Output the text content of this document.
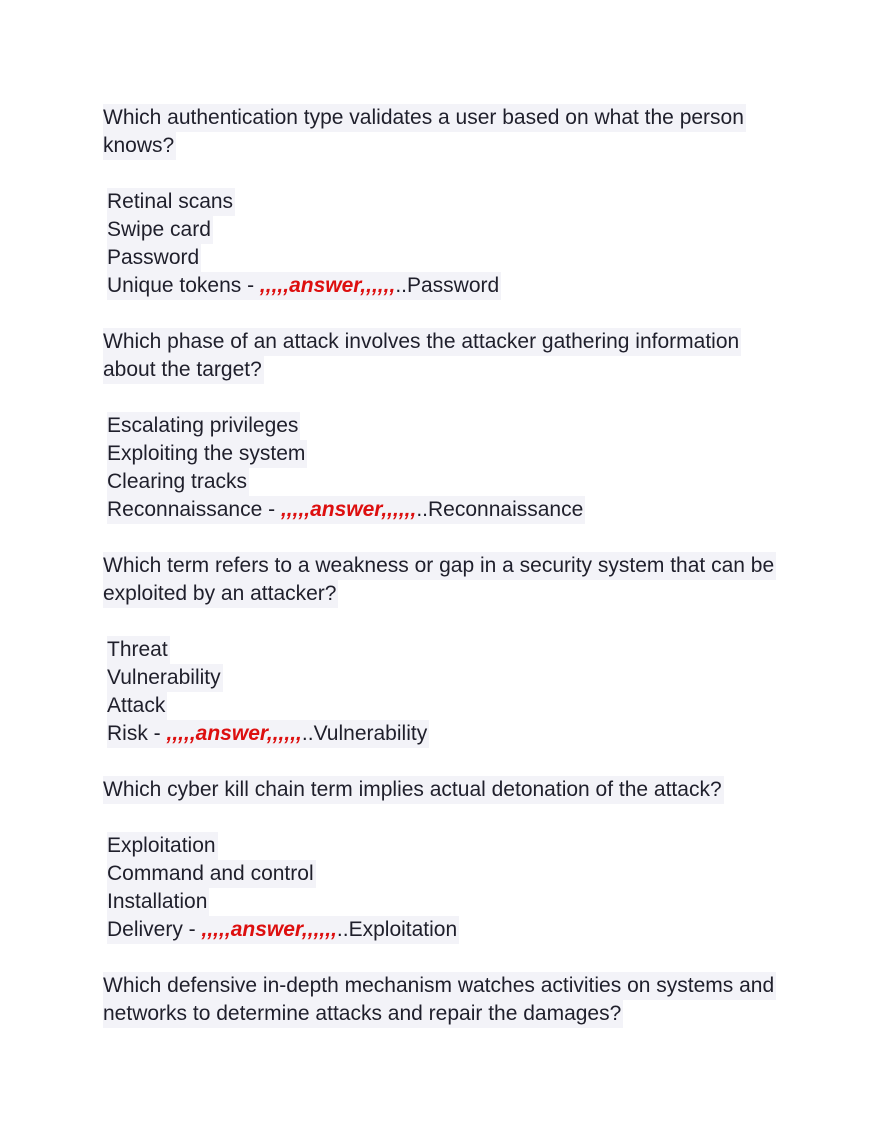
Which authentication type validates a user based on what the person
knows?
Retinal scans
Swipe card
Password
Unique tokens - ,,,,,answer,,,,,,..Password
Which phase of an attack involves the attacker gathering information
about the target?
Escalating privileges
Exploiting the system
Clearing tracks
Reconnaissance - ,,,,,answer,,,,,,..Reconnaissance
Which term refers to a weakness or gap in a security system that can be
exploited by an attacker?
Threat
Vulnerability
Attack
Risk - ,,,,,answer,,,,,,..Vulnerability
Which cyber kill chain term implies actual detonation of the attack?
Exploitation
Command and control
Installation
Delivery - ,,,,,answer,,,,,,..Exploitation
Which defensive in-depth mechanism watches activities on systems and
networks to determine attacks and repair the damages?
